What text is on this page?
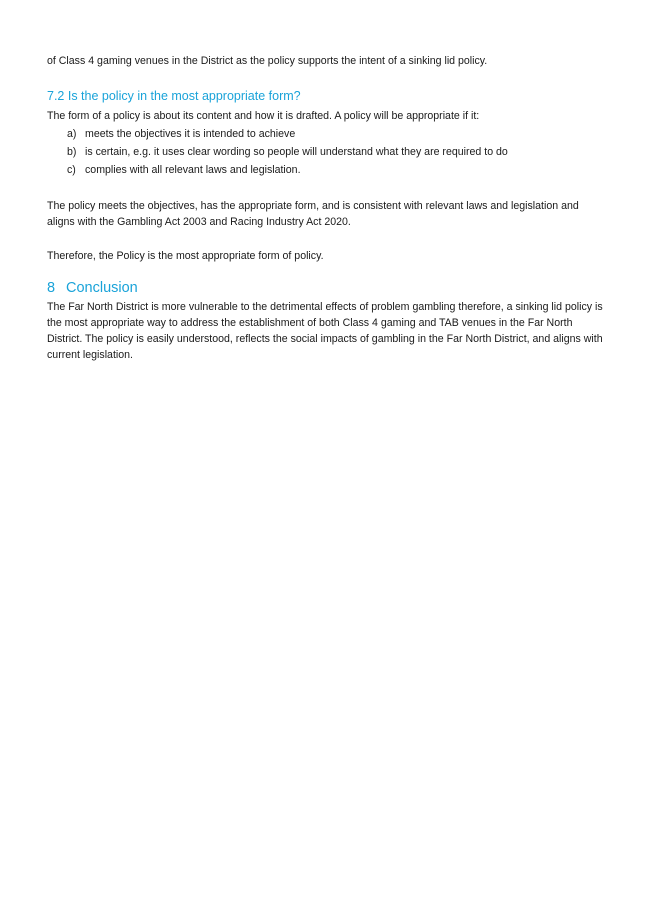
of Class 4 gaming venues in the District as the policy supports the intent of a sinking lid policy.

7.2 Is the policy in the most appropriate form?

The form of a policy is about its content and how it is drafted. A policy will be appropriate if it:

a) meets the objectives it is intended to achieve
b) is certain, e.g. it uses clear wording so people will understand what they are required to do
c) complies with all relevant laws and legislation.

The policy meets the objectives, has the appropriate form, and is consistent with relevant laws and legislation and aligns with the Gambling Act 2003 and Racing Industry Act 2020.

Therefore, the Policy is the most appropriate form of policy.

8 Conclusion

The Far North District is more vulnerable to the detrimental effects of problem gambling therefore, a sinking lid policy is the most appropriate way to address the establishment of both Class 4 gaming and TAB venues in the Far North District. The policy is easily understood, reflects the social impacts of gambling in the Far North District, and aligns with current legislation.
